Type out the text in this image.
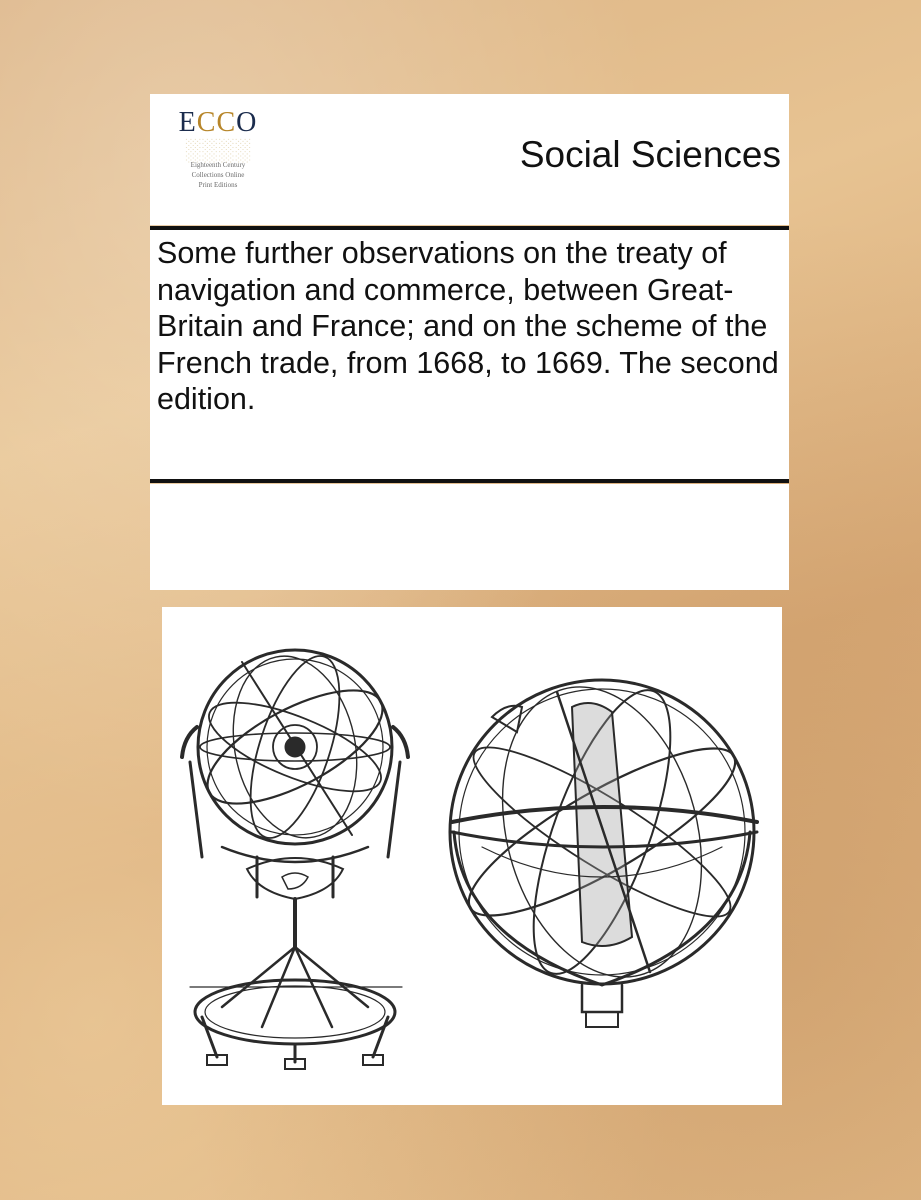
ECCO
░░░░
Eighteenth Century
Collections Online
Print Editions
Social Sciences
Some further observations on the treaty of navigation and commerce, between Great-Britain and France; and on the scheme of the French trade, from 1668, to 1669. The second edition.
